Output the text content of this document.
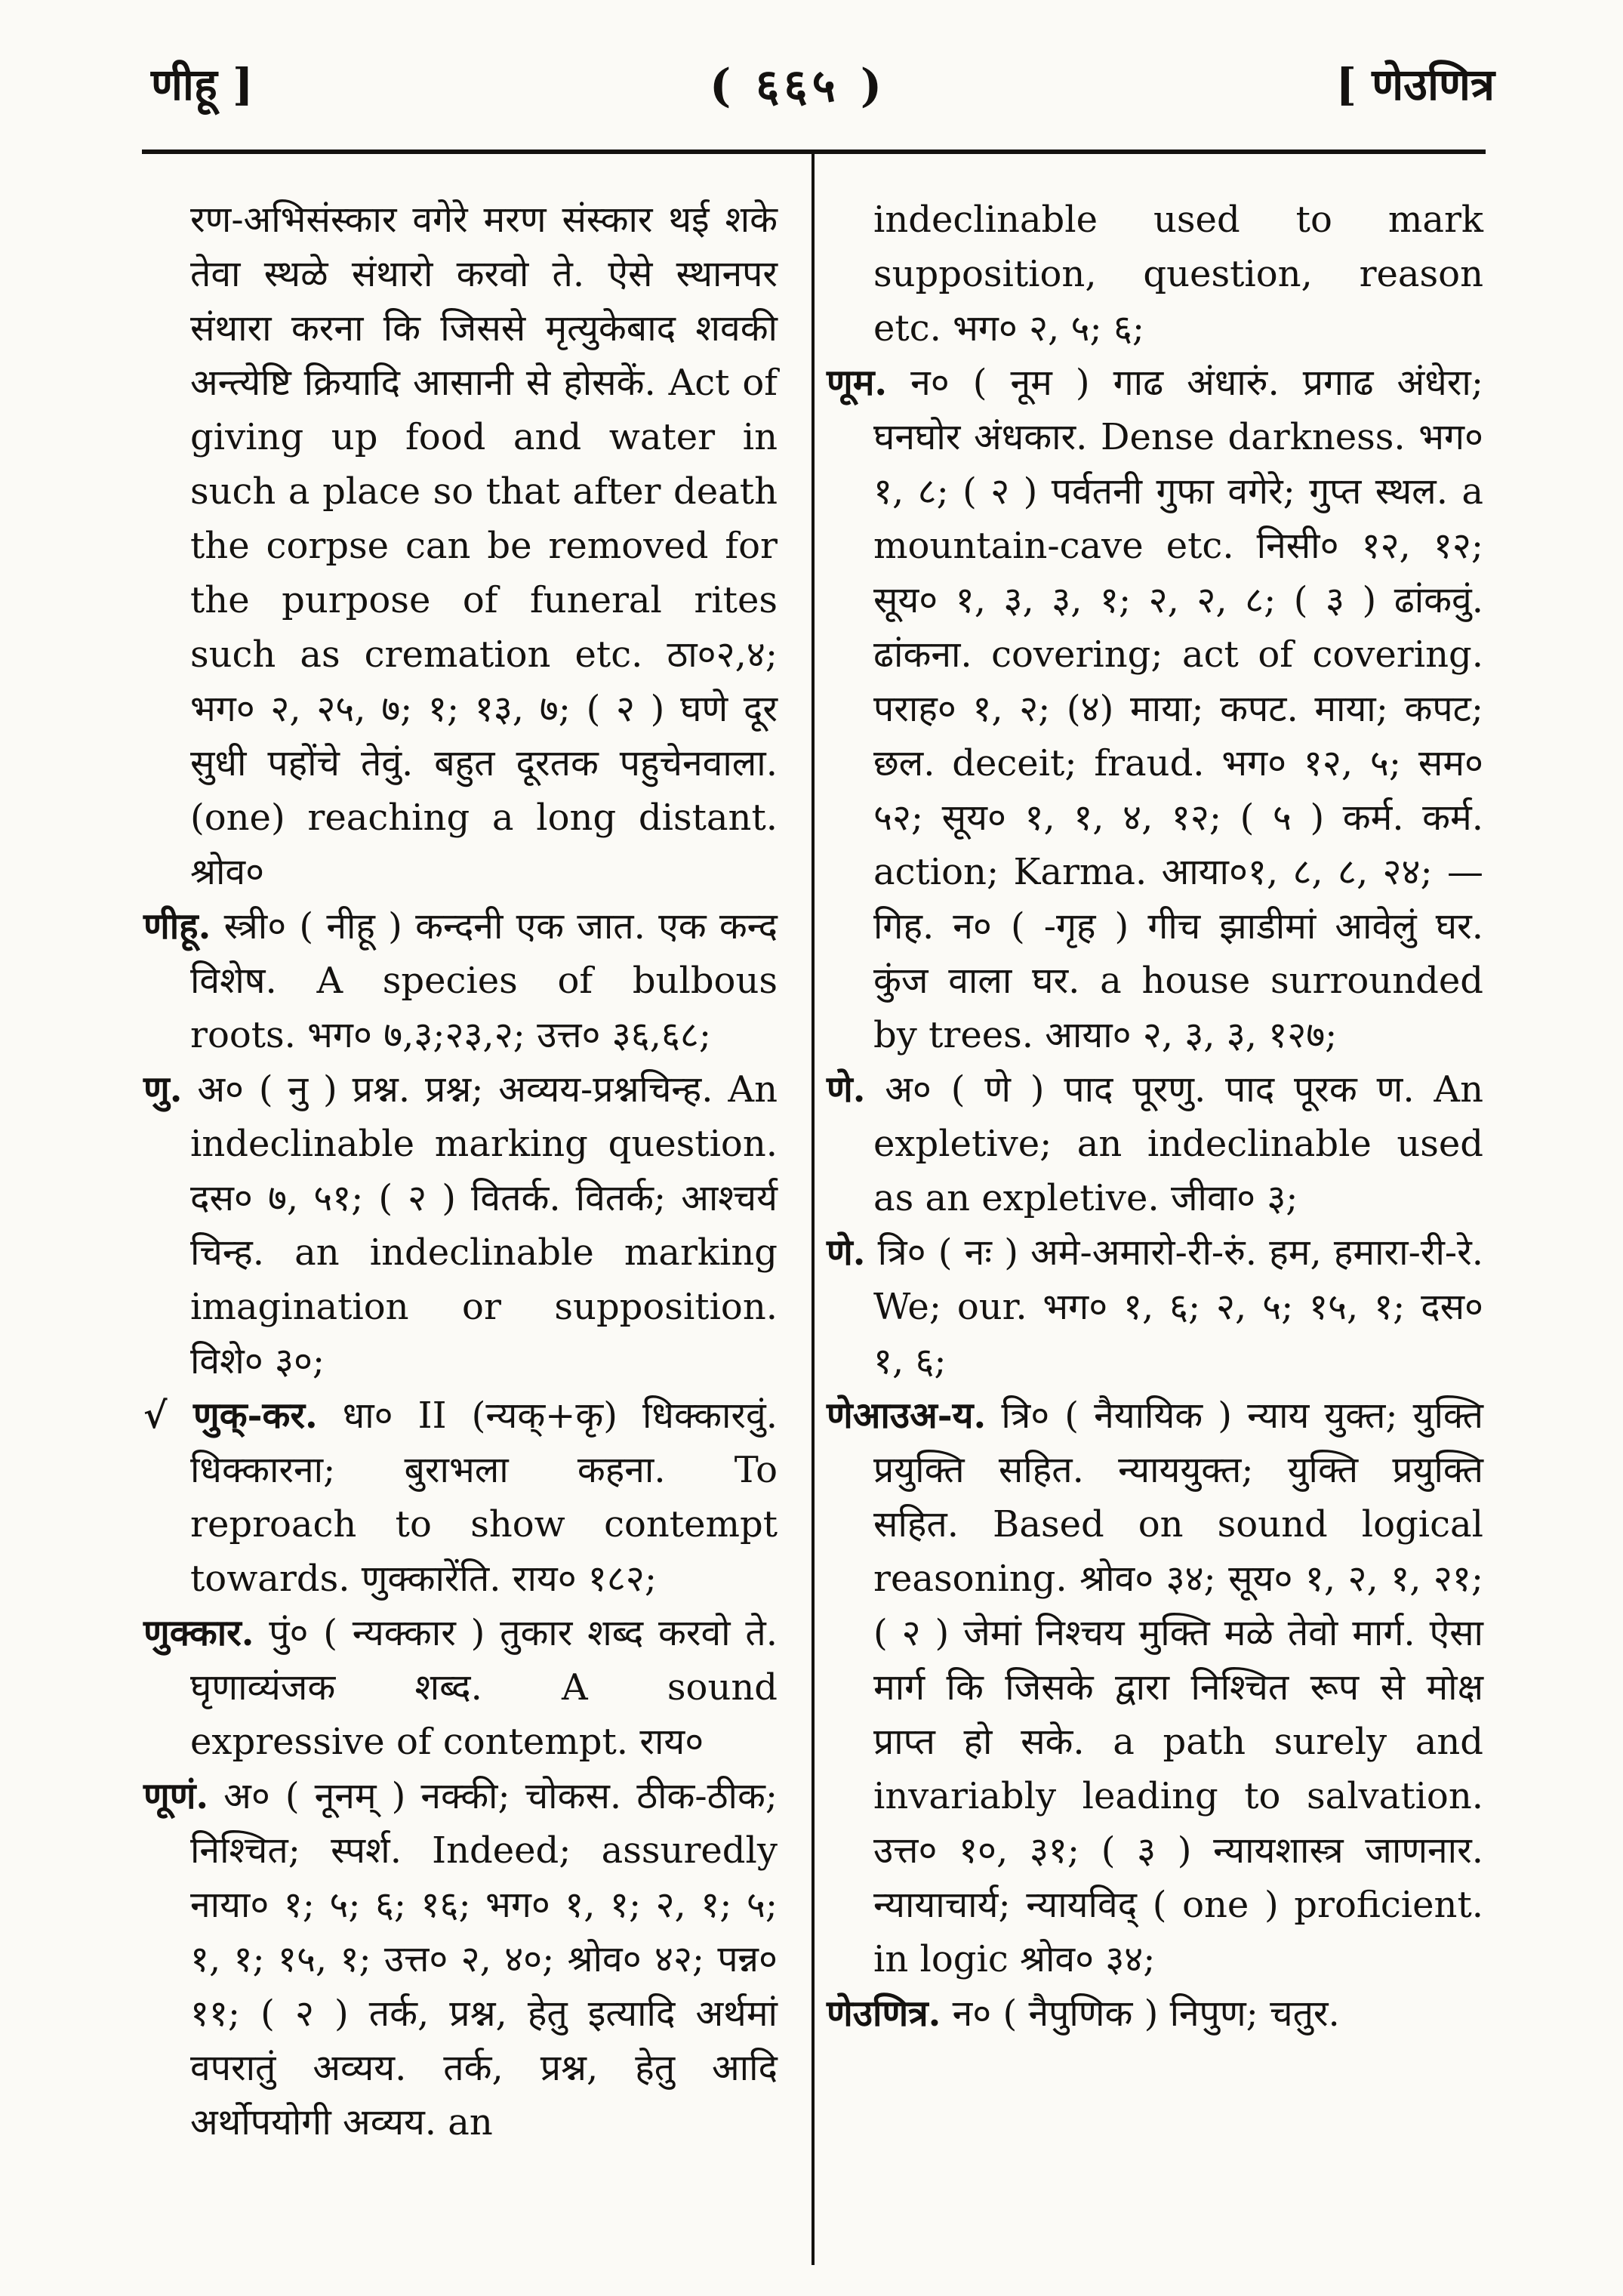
णीहू ]	( ६६५ )	[ णेउणित्र

रण-अभिसंस्कार वगेरे मरण संस्कार थई शके तेवा स्थळे संथारो करवो ते. ऐसे स्थानपर संथारा करना कि जिससे मृत्युकेबाद शवकी अन्त्येष्टि क्रियादि आसानी से होसकें. Act of giving up food and water in such a place so that after death the corpse can be removed for the purpose of funeral rites such as cremation etc. ठा०२,४; भग० २, २५, ७; १; १३, ७; ( २ ) घणे दूर सुधी पहोंचे तेवुं. बहुत दूरतक पहुचेनवाला. (one) reaching a long distant. श्रोव०

णीहू. स्त्री० ( नीहू ) कन्दनी एक जात. एक कन्द विशेष. A species of bulbous roots. भग० ७,३;२३,२; उत्त० ३६,६८;

णु. अ० ( नु ) प्रश्न. प्रश्न; अव्यय-प्रश्नचिन्ह. An indeclinable marking question. दस० ७, ५१; ( २ ) वितर्क. वितर्क; आश्चर्य चिन्ह. an indeclinable marking imagination or supposition. विशे० ३०;

√ णुक्-कर. धा० II (न्यक्+कृ) धिक्कारवुं. धिक्कारना; बुराभला कहना. To reproach to show contempt towards. णुक्कारेंति. राय० १८२;

णुक्कार. पुं० ( न्यक्कार ) तुकार शब्द करवो ते. घृणाव्यंजक शब्द. A sound expressive of contempt. राय०

णूणं. अ० ( नूनम् ) नक्की; चोकस. ठीक-ठीक; निश्चित; स्पर्श. Indeed; assuredly नाया० १; ५; ६; १६; भग० १, १; २, १; ५; १, १; १५, १; उत्त० २, ४०; श्रोव० ४२; पन्न० ११; ( २ ) तर्क, प्रश्न, हेतु इत्यादि अर्थमां वपरातुं अव्यय. तर्क, प्रश्न, हेतु आदि अर्थोपयोगी अव्यय. an

indeclinable used to mark supposition, question, reason etc. भग० २, ५; ६;

णूम. न० ( नूम ) गाढ अंधारुं. प्रगाढ अंधेरा; घनघोर अंधकार. Dense darkness. भग० १, ८; ( २ ) पर्वतनी गुफा वगेरे; गुप्त स्थल. a mountain-cave etc. निसी० १२, १२; सूय० १, ३, ३, १; २, २, ८; ( ३ ) ढांकवुं. ढांकना. covering; act of covering. पराह० १, २; (४) माया; कपट. माया; कपट; छल. deceit; fraud. भग० १२, ५; सम० ५२; सूय० १, १, ४, १२; ( ५ ) कर्म. कर्म. action; Karma. आया०१, ८, ८, २४; —गिह. न० ( -गृह ) गीच झाडीमां आवेलुं घर. कुंज वाला घर. a house surrounded by trees. आया० २, ३, ३, १२७;

णे. अ० ( णे ) पाद पूरणु. पाद पूरक ण. An expletive; an indeclinable used as an expletive. जीवा० ३;

णे. त्रि० ( नः ) अमे-अमारो-री-रुं. हम, हमारा-री-रे. We; our. भग० १, ६; २, ५; १५, १; दस० १, ६;

णेआउअ-य. त्रि० ( नैयायिक ) न्याय युक्त; युक्ति प्रयुक्ति सहित. न्याययुक्त; युक्ति प्रयुक्ति सहित. Based on sound logical reasoning. श्रोव० ३४; सूय० १, २, १, २१; ( २ ) जेमां निश्चय मुक्ति मळे तेवो मार्ग. ऐसा मार्ग कि जिसके द्वारा निश्चित रूप से मोक्ष प्राप्त हो सके. a path surely and invariably leading to salvation. उत्त० १०, ३१; ( ३ ) न्यायशास्त्र जाणनार. न्यायाचार्य; न्यायविद् ( one ) proficient. in logic श्रोव० ३४;

णेउणित्र. न० ( नैपुणिक ) निपुण; चतुर.
